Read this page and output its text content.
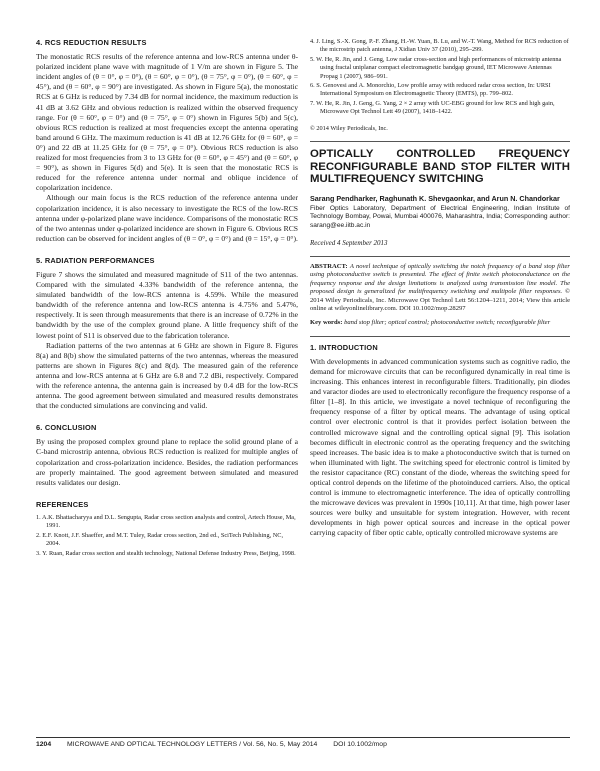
4. RCS REDUCTION RESULTS

The monostatic RCS results of the reference antenna and low-RCS antenna under θ-polarized incident plane wave with magnitude of 1 V/m are shown in Figure 5. The incident angles of (θ = 0°, φ = 0°), (θ = 60°, φ = 0°), (θ = 75°, φ = 0°), (θ = 60°, φ = 45°), and (θ = 60°, φ = 90°) are investigated. As shown in Figure 5(a), the monostatic RCS at 6 GHz is reduced by 7.34 dB for normal incidence, the maximum reduction is 41 dB at 3.62 GHz and obvious reduction is realized within the observed frequency range. For (θ = 60°, φ = 0°) and (θ = 75°, φ = 0°) shown in Figures 5(b) and 5(c), obvious RCS reduction is realized at most frequencies except the antenna operating band around 6 GHz. The maximum reduction is 41 dB at 12.76 GHz for (θ = 60°, φ = 0°) and 22 dB at 11.25 GHz for (θ = 75°, φ = 0°). Obvious RCS reduction is also realized for most frequencies from 3 to 13 GHz for (θ = 60°, φ = 45°) and (θ = 60°, φ = 90°), as shown in Figures 5(d) and 5(e). It is seen that the monostatic RCS is reduced for the reference antenna under normal and oblique incidence of copolarization incidence.

Although our main focus is the RCS reduction of the reference antenna under copolarization incidence, it is also necessary to investigate the RCS of the low-RCS antenna under φ-polarized plane wave incidence. Comparisons of the monostatic RCS of the two antennas under φ-polarized incidence are shown in Figure 6. Obvious RCS reduction can be observed for incident angles of (θ = 0°, φ = 0°) and (θ = 15°, φ = 0°).

5. RADIATION PERFORMANCES

Figure 7 shows the simulated and measured magnitude of S11 of the two antennas. Compared with the simulated 4.33% bandwidth of the reference antenna, the simulated bandwidth of the low-RCS antenna is 4.59%. While the measured bandwidth of the reference antenna and low-RCS antenna is 4.75% and 5.47%, respectively. It is seen through measurements that there is an increase of 0.72% in the bandwidth by the use of the complex ground plane. A little frequency shift of the lowest point of S11 is observed due to the fabrication tolerance.

Radiation patterns of the two antennas at 6 GHz are shown in Figure 8. Figures 8(a) and 8(b) show the simulated patterns of the two antennas, whereas the measured patterns are shown in Figures 8(c) and 8(d). The measured gain of the reference antenna and low-RCS antenna at 6 GHz are 6.8 and 7.2 dBi, respectively. Compared with the reference antenna, the antenna gain is increased by 0.4 dB for the low-RCS antenna. The good agreement between simulated and measured results demonstrates that the conducted simulations are convincing and valid.

6. CONCLUSION

By using the proposed complex ground plane to replace the solid ground plane of a C-band microstrip antenna, obvious RCS reduction is realized for multiple angles of copolarization and cross-polarization incidence. Besides, the radiation performances are properly maintained. The good agreement between simulated and measured results validates our design.

REFERENCES
1. A.K. Bhattacharyya and D.L. Sengupta, Radar cross section analysis and control, Artech House, Ma, 1991.
2. E.F. Knott, J.F. Shaeffer, and M.T. Tuley, Radar cross section, 2nd ed., SciTech Publishing, NC, 2004.
3. Y. Ruan, Radar cross section and stealth technology, National Defense Industry Press, Beijing, 1998.
4. J. Ling, S.-X. Gong, P.-F. Zhang, H.-W. Yuan, B. Lu, and W.-T. Wang, Method for RCS reduction of the microstrip patch antenna, J Xidian Univ 37 (2010), 295–299.
5. W. He, R. Jin, and J. Geng, Low radar cross-section and high performances of microstrip antenna using fractal uniplanar compact electromagnetic bandgap ground, IET Microwave Antennas Propag 1 (2007), 986–991.
6. S. Genovesi and A. Monorchio, Low profile array with reduced radar cross section, In: URSI International Symposium on Electromagnetic Theory (EMTS), pp. 799–802.
7. W. He, R. Jin, J. Geng, G. Yang, 2 × 2 array with UC-EBG ground for low RCS and high gain, Microwave Opt Technol Lett 49 (2007), 1418–1422.
© 2014 Wiley Periodicals, Inc.
OPTICALLY CONTROLLED FREQUENCY RECONFIGURABLE BAND STOP FILTER WITH MULTIFREQUENCY SWITCHING
Sarang Pendharker, Raghunath K. Shevgaonkar, and Arun N. Chandorkar
Fiber Optics Laboratory, Department of Electrical Engineering, Indian Institute of Technology Bombay, Powai, Mumbai 400076, Maharashtra, India; Corresponding author: sarang@ee.iitb.ac.in
Received 4 September 2013
ABSTRACT: A novel technique of optically switching the notch frequency of a band stop filter using photoconductive switch is presented. The effect of finite switch photoconductance on the frequency response and the design limitations is analyzed using transmission line model. The proposed design is generalized for multifrequency switching and multipole filter responses. © 2014 Wiley Periodicals, Inc. Microwave Opt Technol Lett 56:1204–1211, 2014; View this article online at wileyonlinelibrary.com. DOI 10.1002/mop.28297
Key words: band stop filter; optical control; photoconductive switch; reconfigurable filter
1. INTRODUCTION

With developments in advanced communication systems such as cognitive radio, the demand for microwave circuits that can be reconfigured dynamically in real time is increasing. This enhances interest in reconfigurable filters. Traditionally, pin diodes and varactor diodes are used to electronically reconfigure the frequency response of a filter [1–8]. In this article, we investigate a novel technique of reconfiguring the frequency response of a filter by optical means. The advantage of using optical control over electronic control is that it provides perfect isolation between the controlled microwave signal and the controlling optical signal [9]. This isolation becomes difficult in electronic control as the operating frequency and the switching speed increases. The basic idea is to make a photoconductive switch that is turned on when illuminated with light. The switching speed for electronic control is limited by the resistor capacitance (RC) constant of the diode, whereas the switching speed for optical control depends on the lifetime of the photoinduced carriers. Also, the optical control is immune to electromagnetic interference. The idea of optically controlling the microwave devices was prevalent in 1990s [10,11]. At that time, high power laser sources were bulky and unsuitable for system integration. However, with recent developments in high power optical sources and increase in the optical power carrying capacity of fiber optic cable, optically controlled microwave systems are

1204 MICROWAVE AND OPTICAL TECHNOLOGY LETTERS / Vol. 56, No. 5, May 2014 DOI 10.1002/mop
